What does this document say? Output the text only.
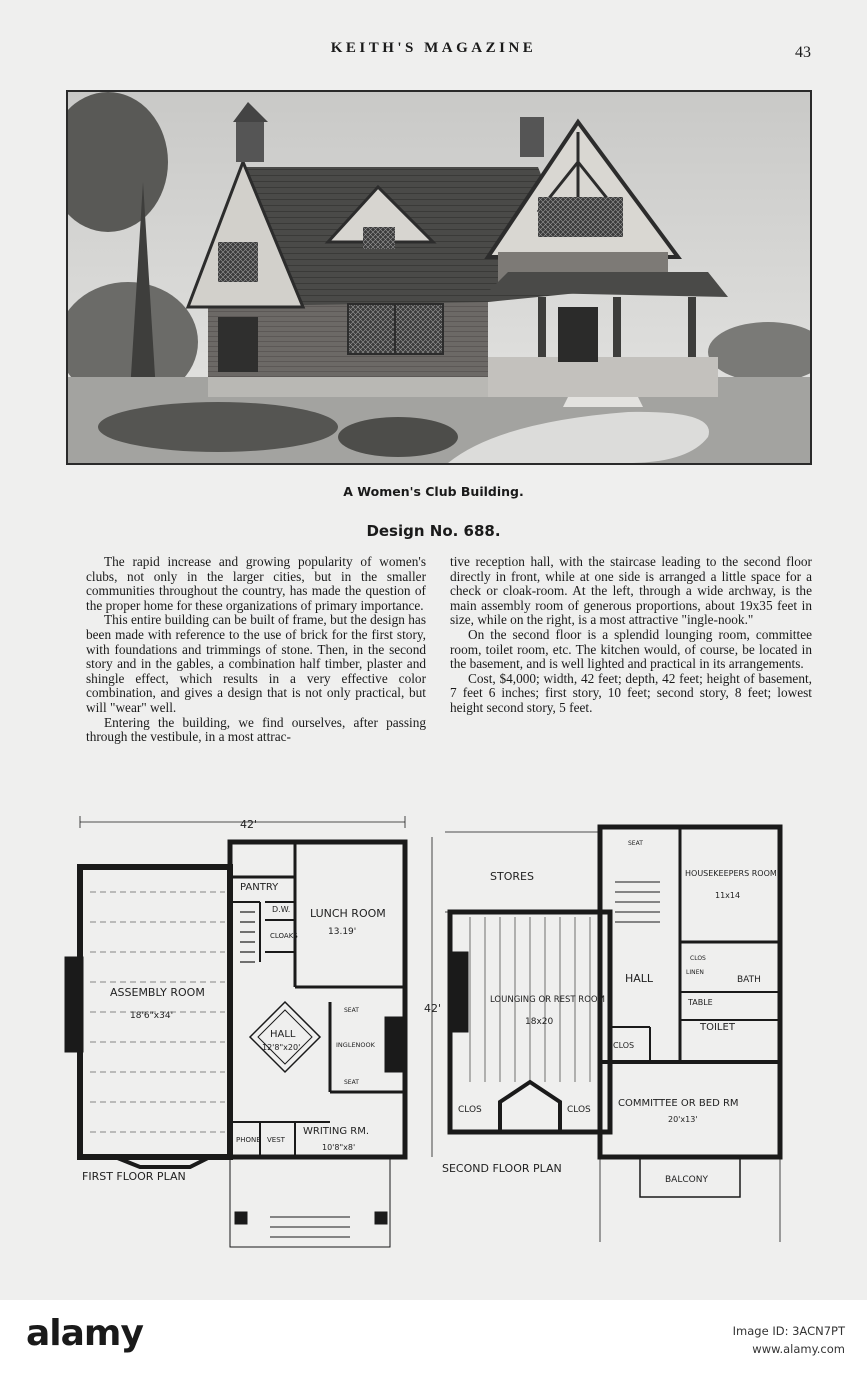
KEITH'S MAGAZINE	43
A Women's Club Building.
Design No. 688.

The rapid increase and growing popularity of women's clubs, not only in the larger cities, but in the smaller communities throughout the country, has made the question of the proper home for these organizations of primary importance.

This entire building can be built of frame, but the design has been made with reference to the use of brick for the first story, with foundations and trimmings of stone. Then, in the second story and in the gables, a combination half timber, plaster and shingle effect, which results in a very effective color combination, and gives a design that is not only practical, but will "wear" well.

Entering the building, we find ourselves, after passing through the vestibule, in a most attrac-

tive reception hall, with the staircase leading to the second floor directly in front, while at one side is arranged a little space for a check or cloak-room. At the left, through a wide archway, is the main assembly room of generous proportions, about 19x35 feet in size, while on the right, is a most attractive "ingle-nook."

On the second floor is a splendid lounging room, committee room, toilet room, etc. The kitchen would, of course, be located in the basement, and is well lighted and practical in its arrangements.

Cost, $4,000; width, 42 feet; depth, 42 feet; height of basement, 7 feet 6 inches; first story, 10 feet; second story, 8 feet; lowest height second story, 5 feet.

42'
42'
PANTRY
D.W.
CLOAKS
LUNCH ROOM
13.19'
ASSEMBLY ROOM
18'6"x34'
HALL
12'8"x20'
SEAT
INGLENOOK
SEAT
PHONE VEST
WRITING RM.
10'8"x8'
FIRST FLOOR PLAN
STORES
SEAT
HOUSEKEEPERS ROOM
11x14
HALL
CLOS
LINEN
BATH
TABLE
TOILET
LOUNGING OR REST ROOM
18x20
CLOS
CLOS	CLOS
COMMITTEE OR BED RM
20'x13'
SECOND FLOOR PLAN
BALCONY
alamy	Image ID: 3ACN7PT
www.alamy.com
